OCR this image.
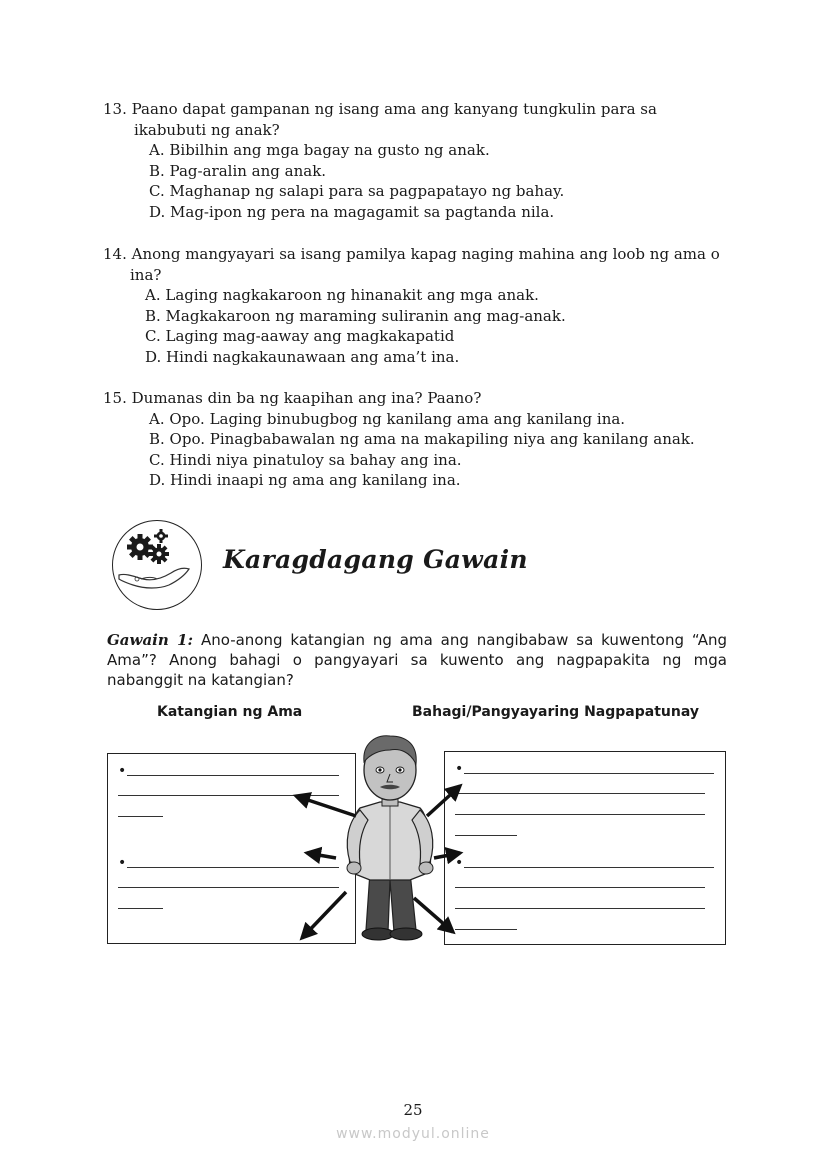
13. Paano dapat gampanan ng isang ama ang kanyang tungkulin para sa
ikabubuti ng anak?
A. Bibilhin ang mga bagay na gusto ng anak.
B. Pag-aralin ang anak.
C. Maghanap ng salapi para sa pagpapatayo ng bahay.
D. Mag-ipon ng pera na magagamit sa pagtanda nila.
14. Anong mangyayari sa isang pamilya kapag naging mahina ang loob ng ama o
ina?
A. Laging nagkakaroon ng hinanakit ang mga anak.
B. Magkakaroon ng maraming suliranin ang mag-anak.
C. Laging mag-aaway ang magkakapatid
D. Hindi nagkakaunawaan ang ama’t ina.
15. Dumanas din ba ng kaapihan ang ina? Paano?
A. Opo. Laging binubugbog ng kanilang ama ang kanilang ina.
B. Opo. Pinagbabawalan ng ama na makapiling niya ang kanilang anak.
C. Hindi niya pinatuloy sa bahay ang ina.
D. Hindi inaapi ng ama ang kanilang ina.
Karagdagang Gawain
Gawain 1: Ano-anong katangian ng ama ang nangibabaw sa kuwentong “Ang Ama”? Anong bahagi o pangyayari sa kuwento ang nagpapakita ng mga nabanggit na katangian?
Katangian ng Ama	Bahagi/Pangyayaring Nagpapatunay
•
•
•
•
25
www.modyul.online
